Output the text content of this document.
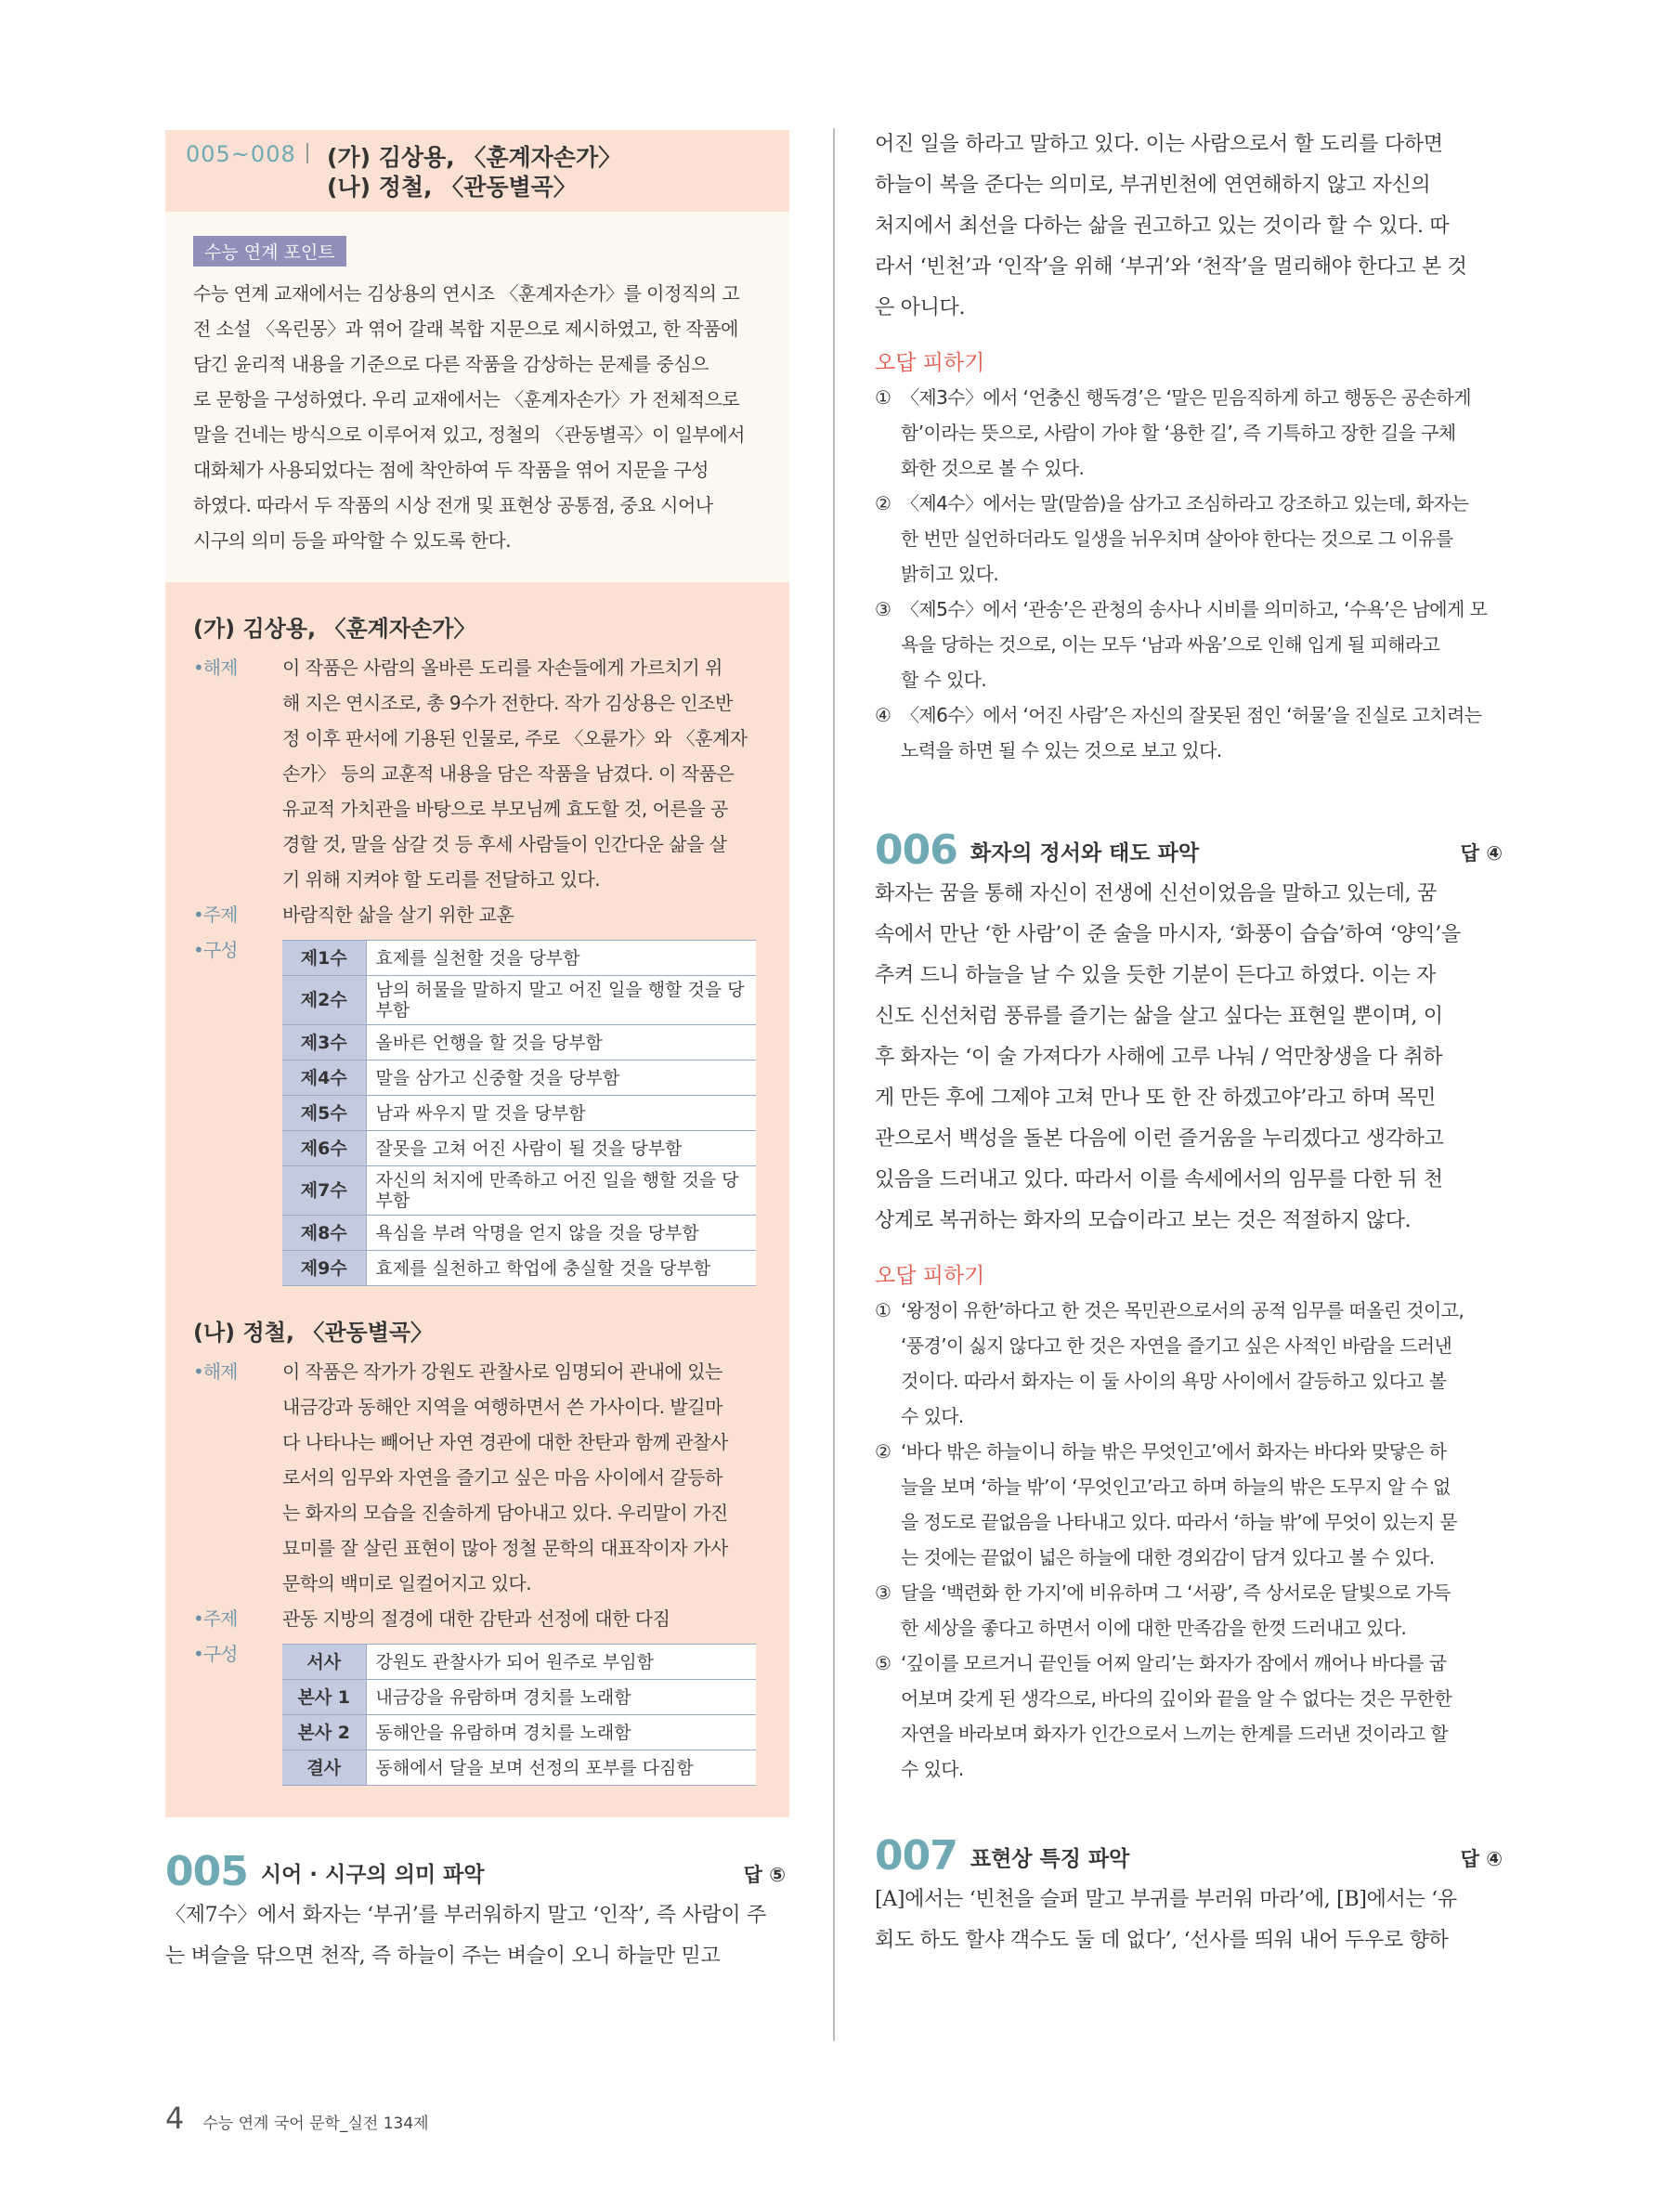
005~008 (가) 김상용, 〈훈계자손가〉
(나) 정철, 〈관동별곡〉
수능 연계 포인트
수능 연계 교재에서는 김상용의 연시조 〈훈계자손가〉를 이정직의 고
전 소설 〈옥린몽〉과 엮어 갈래 복합 지문으로 제시하였고, 한 작품에
담긴 윤리적 내용을 기준으로 다른 작품을 감상하는 문제를 중심으
로 문항을 구성하였다. 우리 교재에서는 〈훈계자손가〉가 전체적으로
말을 건네는 방식으로 이루어져 있고, 정철의 〈관동별곡〉이 일부에서
대화체가 사용되었다는 점에 착안하여 두 작품을 엮어 지문을 구성
하였다. 따라서 두 작품의 시상 전개 및 표현상 공통점, 중요 시어나
시구의 의미 등을 파악할 수 있도록 한다.
(가) 김상용, 〈훈계자손가〉
•해제	이 작품은 사람의 올바른 도리를 자손들에게 가르치기 위
해 지은 연시조로, 총 9수가 전한다. 작가 김상용은 인조반
정 이후 판서에 기용된 인물로, 주로 〈오륜가〉와 〈훈계자
손가〉 등의 교훈적 내용을 담은 작품을 남겼다. 이 작품은
유교적 가치관을 바탕으로 부모님께 효도할 것, 어른을 공
경할 것, 말을 삼갈 것 등 후세 사람들이 인간다운 삶을 살
기 위해 지켜야 할 도리를 전달하고 있다.
•주제	바람직한 삶을 살기 위한 교훈
•구성	제1수	효제를 실천할 것을 당부함
제2수	남의 허물을 말하지 말고 어진 일을 행할 것을 당부함
제3수	올바른 언행을 할 것을 당부함
제4수	말을 삼가고 신중할 것을 당부함
제5수	남과 싸우지 말 것을 당부함
제6수	잘못을 고쳐 어진 사람이 될 것을 당부함
제7수	자신의 처지에 만족하고 어진 일을 행할 것을 당부함
제8수	욕심을 부려 악명을 얻지 않을 것을 당부함
제9수	효제를 실천하고 학업에 충실할 것을 당부함
(나) 정철, 〈관동별곡〉
•해제	이 작품은 작가가 강원도 관찰사로 임명되어 관내에 있는
내금강과 동해안 지역을 여행하면서 쓴 가사이다. 발길마
다 나타나는 빼어난 자연 경관에 대한 찬탄과 함께 관찰사
로서의 임무와 자연을 즐기고 싶은 마음 사이에서 갈등하
는 화자의 모습을 진솔하게 담아내고 있다. 우리말이 가진
묘미를 잘 살린 표현이 많아 정철 문학의 대표작이자 가사
문학의 백미로 일컬어지고 있다.
•주제	관동 지방의 절경에 대한 감탄과 선정에 대한 다짐
•구성	서사	강원도 관찰사가 되어 원주로 부임함
본사 1	내금강을 유람하며 경치를 노래함
본사 2	동해안을 유람하며 경치를 노래함
결사	동해에서 달을 보며 선정의 포부를 다짐함
005 시어 · 시구의 의미 파악	답 ⑤
〈제7수〉에서 화자는 ‘부귀’를 부러워하지 말고 ‘인작’, 즉 사람이 주
는 벼슬을 닦으면 천작, 즉 하늘이 주는 벼슬이 오니 하늘만 믿고
어진 일을 하라고 말하고 있다. 이는 사람으로서 할 도리를 다하면
하늘이 복을 준다는 의미로, 부귀빈천에 연연해하지 않고 자신의
처지에서 최선을 다하는 삶을 권고하고 있는 것이라 할 수 있다. 따
라서 ‘빈천’과 ‘인작’을 위해 ‘부귀’와 ‘천작’을 멀리해야 한다고 본 것
은 아니다.
오답 피하기
① 〈제3수〉에서 ‘언충신 행독경’은 ‘말은 믿음직하게 하고 행동은 공손하게
함’이라는 뜻으로, 사람이 가야 할 ‘용한 길’, 즉 기특하고 장한 길을 구체
화한 것으로 볼 수 있다.
② 〈제4수〉에서는 말(말씀)을 삼가고 조심하라고 강조하고 있는데, 화자는
한 번만 실언하더라도 일생을 뉘우치며 살아야 한다는 것으로 그 이유를
밝히고 있다.
③ 〈제5수〉에서 ‘관송’은 관청의 송사나 시비를 의미하고, ‘수욕’은 남에게 모
욕을 당하는 것으로, 이는 모두 ‘남과 싸움’으로 인해 입게 될 피해라고
할 수 있다.
④ 〈제6수〉에서 ‘어진 사람’은 자신의 잘못된 점인 ‘허물’을 진실로 고치려는
노력을 하면 될 수 있는 것으로 보고 있다.
006 화자의 정서와 태도 파악	답 ④
화자는 꿈을 통해 자신이 전생에 신선이었음을 말하고 있는데, 꿈
속에서 만난 ‘한 사람’이 준 술을 마시자, ‘화풍이 습습’하여 ‘양익’을
추켜 드니 하늘을 날 수 있을 듯한 기분이 든다고 하였다. 이는 자
신도 신선처럼 풍류를 즐기는 삶을 살고 싶다는 표현일 뿐이며, 이
후 화자는 ‘이 술 가져다가 사해에 고루 나눠 / 억만창생을 다 취하
게 만든 후에 그제야 고쳐 만나 또 한 잔 하겠고야’라고 하며 목민
관으로서 백성을 돌본 다음에 이런 즐거움을 누리겠다고 생각하고
있음을 드러내고 있다. 따라서 이를 속세에서의 임무를 다한 뒤 천
상계로 복귀하는 화자의 모습이라고 보는 것은 적절하지 않다.
오답 피하기
① ‘왕정이 유한’하다고 한 것은 목민관으로서의 공적 임무를 떠올린 것이고,
‘풍경’이 싫지 않다고 한 것은 자연을 즐기고 싶은 사적인 바람을 드러낸
것이다. 따라서 화자는 이 둘 사이의 욕망 사이에서 갈등하고 있다고 볼
수 있다.
② ‘바다 밖은 하늘이니 하늘 밖은 무엇인고’에서 화자는 바다와 맞닿은 하
늘을 보며 ‘하늘 밖’이 ‘무엇인고’라고 하며 하늘의 밖은 도무지 알 수 없
을 정도로 끝없음을 나타내고 있다. 따라서 ‘하늘 밖’에 무엇이 있는지 묻
는 것에는 끝없이 넓은 하늘에 대한 경외감이 담겨 있다고 볼 수 있다.
③ 달을 ‘백련화 한 가지’에 비유하며 그 ‘서광’, 즉 상서로운 달빛으로 가득
한 세상을 좋다고 하면서 이에 대한 만족감을 한껏 드러내고 있다.
⑤ ‘깊이를 모르거니 끝인들 어찌 알리’는 화자가 잠에서 깨어나 바다를 굽
어보며 갖게 된 생각으로, 바다의 깊이와 끝을 알 수 없다는 것은 무한한
자연을 바라보며 화자가 인간으로서 느끼는 한계를 드러낸 것이라고 할
수 있다.
007 표현상 특징 파악	답 ④
[A]에서는 ‘빈천을 슬퍼 말고 부귀를 부러워 마라’에, [B]에서는 ‘유
회도 하도 할샤 객수도 둘 데 없다’, ‘선사를 띄워 내어 두우로 향하
4 수능 연계 국어 문학_실전 134제
